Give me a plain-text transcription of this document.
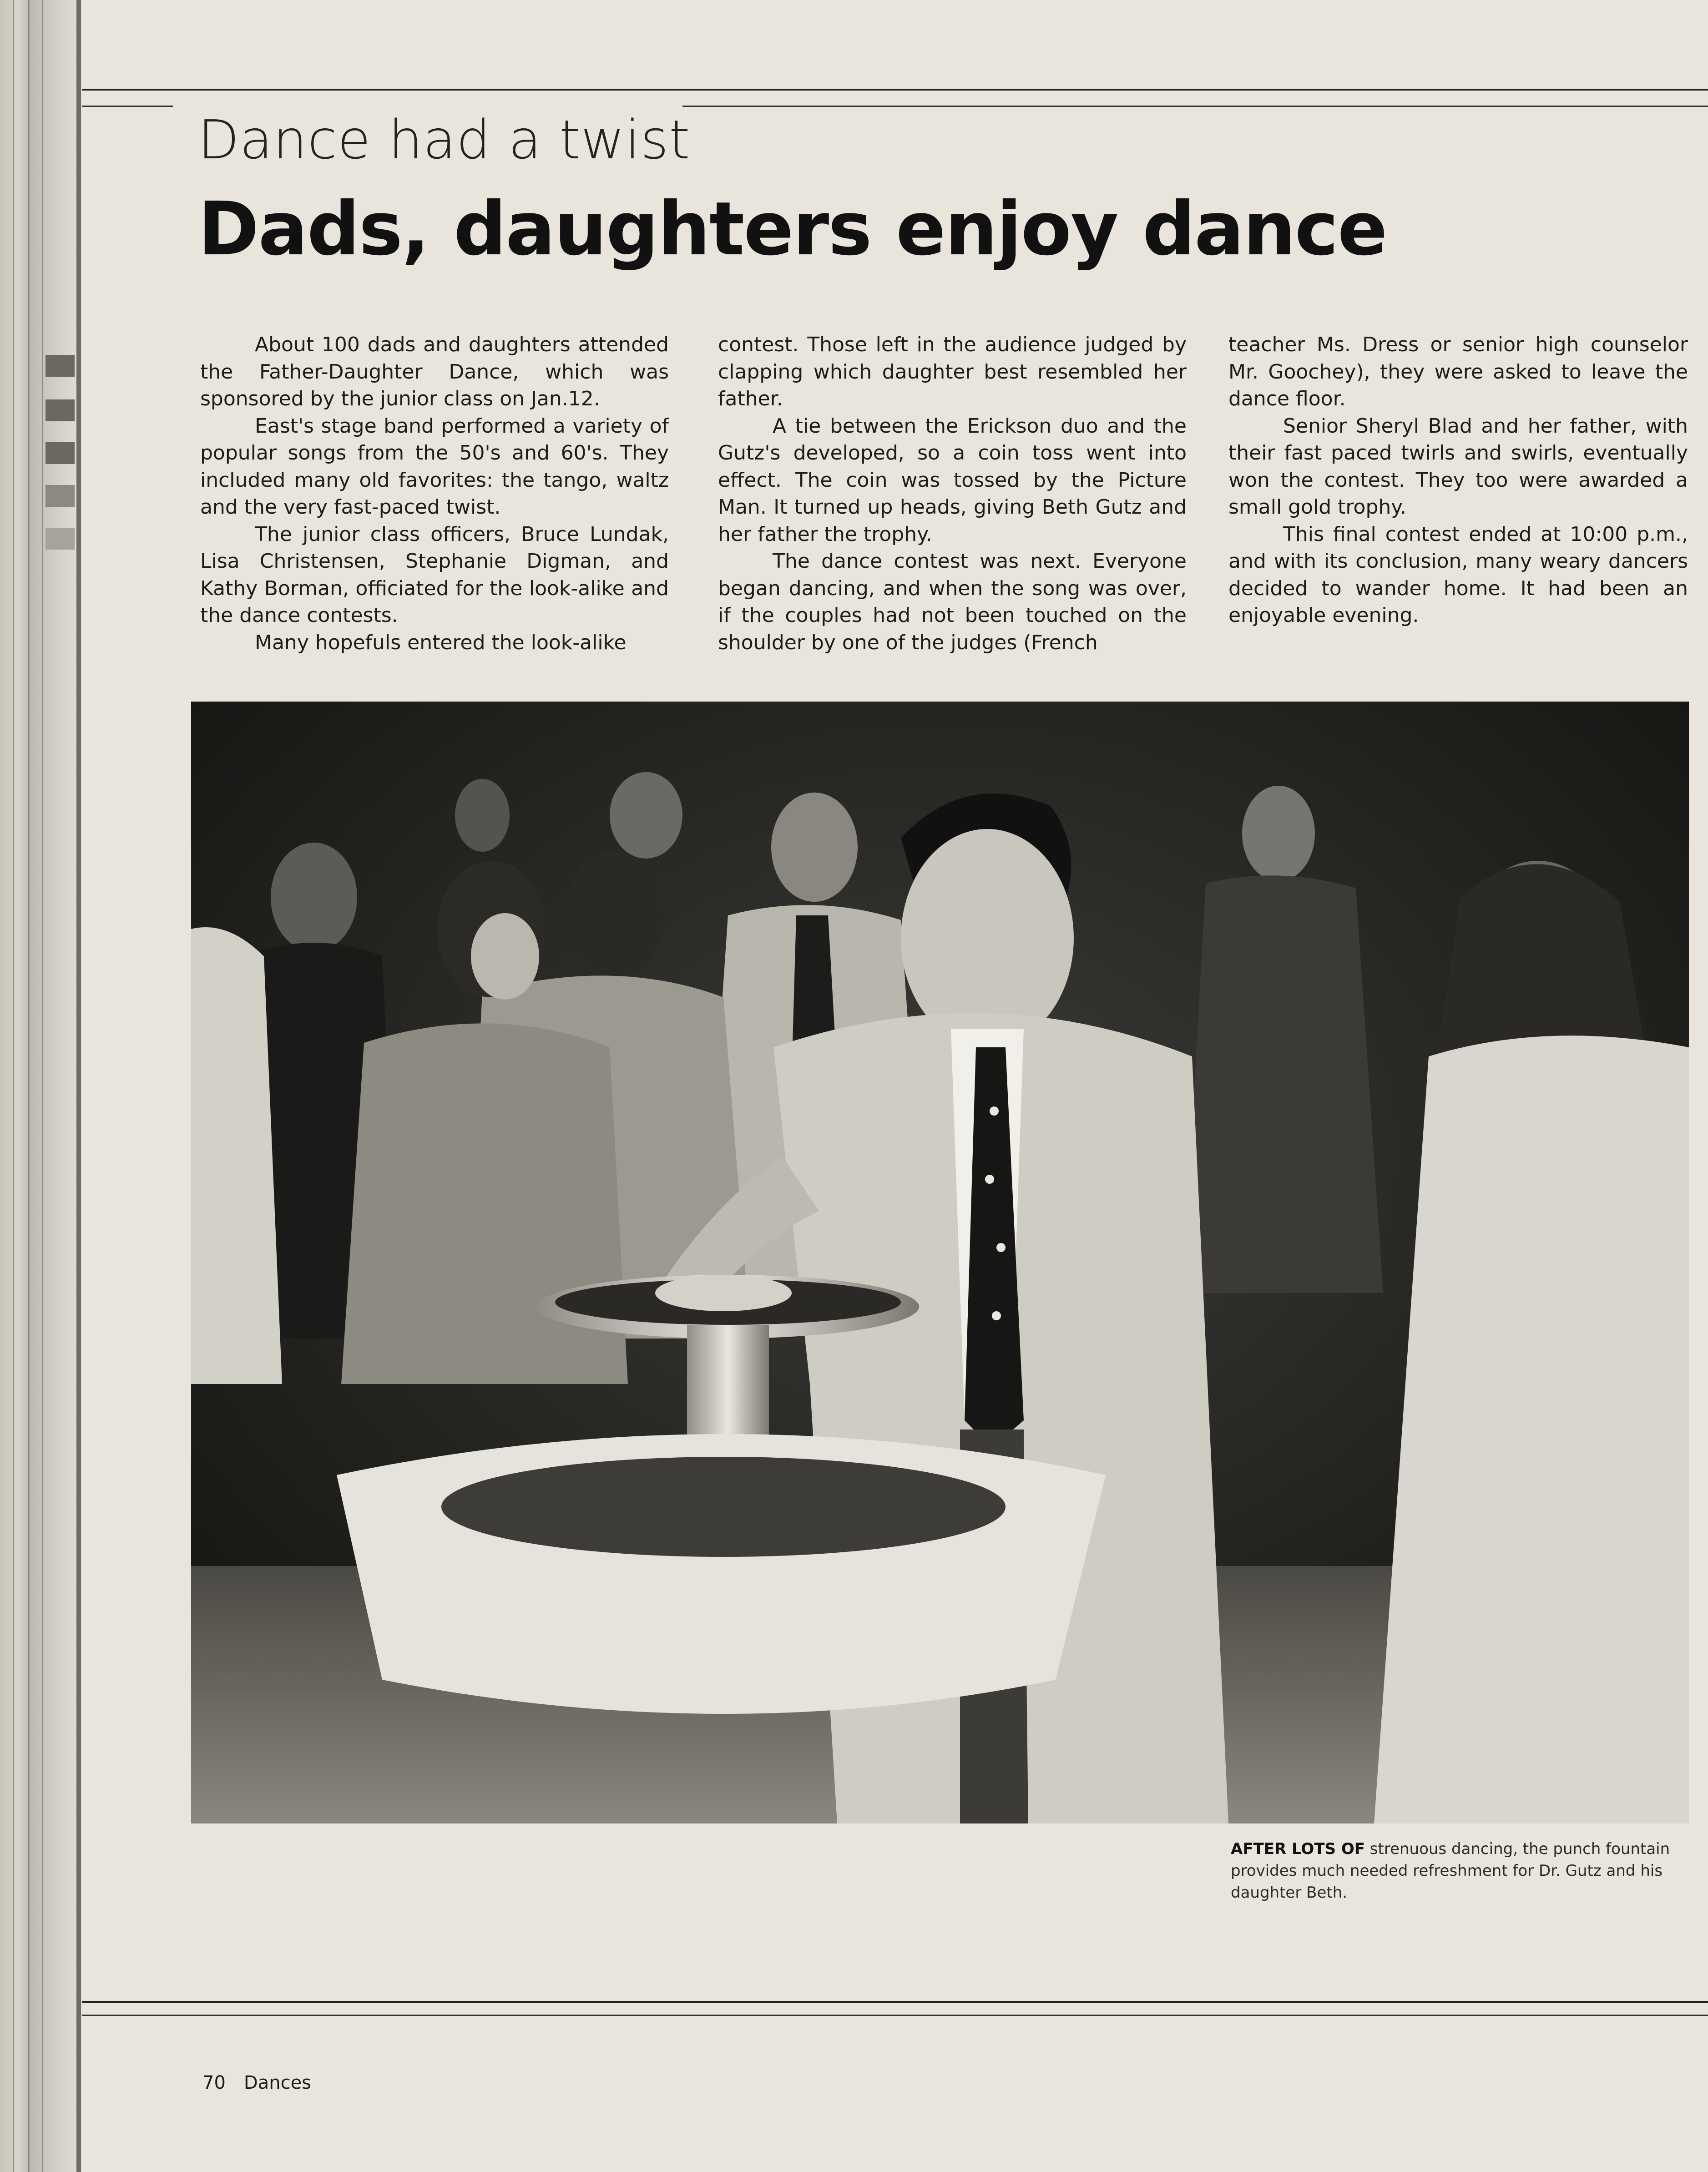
Dance had a twist
Dads, daughters enjoy dance

About 100 dads and daughters attended the Father-Daughter Dance, which was sponsored by the junior class on Jan.12.

East's stage band performed a variety of popular songs from the 50's and 60's. They included many old favorites: the tango, waltz and the very fast-paced twist.

The junior class officers, Bruce Lundak, Lisa Christensen, Stephanie Digman, and Kathy Borman, officiated for the look-alike and the dance contests.

Many hopefuls entered the look-alike

contest. Those left in the audience judged by clapping which daughter best resembled her father.

A tie between the Erickson duo and the Gutz's developed, so a coin toss went into effect. The coin was tossed by the Picture Man. It turned up heads, giving Beth Gutz and her father the trophy.

The dance contest was next. Everyone began dancing, and when the song was over, if the couples had not been touched on the shoulder by one of the judges (French

teacher Ms. Dress or senior high counselor Mr. Goochey), they were asked to leave the dance floor.

Senior Sheryl Blad and her father, with their fast paced twirls and swirls, eventually won the contest. They too were awarded a small gold trophy.

This final contest ended at 10:00 p.m., and with its conclusion, many weary dancers decided to wander home. It had been an enjoyable evening.

AFTER LOTS OF strenuous dancing, the punch fountain provides much needed refreshment for Dr. Gutz and his daughter Beth.
70 Dances
